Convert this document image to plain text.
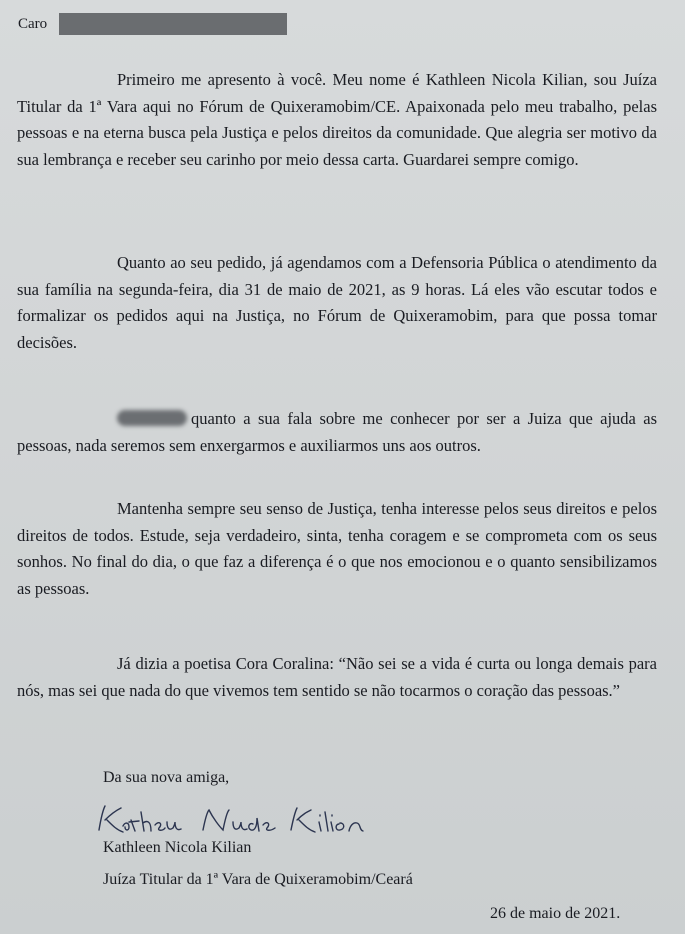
Caro

Primeiro me apresento à você. Meu nome é Kathleen Nicola Kilian, sou Juíza Titular da 1ª Vara aqui no Fórum de Quixeramobim/CE. Apaixonada pelo meu trabalho, pelas pessoas e na eterna busca pela Justiça e pelos direitos da comunidade. Que alegria ser motivo da sua lembrança e receber seu carinho por meio dessa carta. Guardarei sempre comigo.

Quanto ao seu pedido, já agendamos com a Defensoria Pública o atendimento da sua família na segunda-feira, dia 31 de maio de 2021, as 9 horas. Lá eles vão escutar todos e formalizar os pedidos aqui na Justiça, no Fórum de Quixeramobim, para que possa tomar decisões.

quanto a sua fala sobre me conhecer por ser a Juiza que ajuda as pessoas, nada seremos sem enxergarmos e auxiliarmos uns aos outros.

Mantenha sempre seu senso de Justiça, tenha interesse pelos seus direitos e pelos direitos de todos. Estude, seja verdadeiro, sinta, tenha coragem e se comprometa com os seus sonhos. No final do dia, o que faz a diferença é o que nos emocionou e o quanto sensibilizamos as pessoas.

Já dizia a poetisa Cora Coralina: “Não sei se a vida é curta ou longa demais para nós, mas sei que nada do que vivemos tem sentido se não tocarmos o coração das pessoas.”

Da sua nova amiga,
Kathleen Nicola Kilian
Juíza Titular da 1ª Vara de Quixeramobim/Ceará
26 de maio de 2021.
